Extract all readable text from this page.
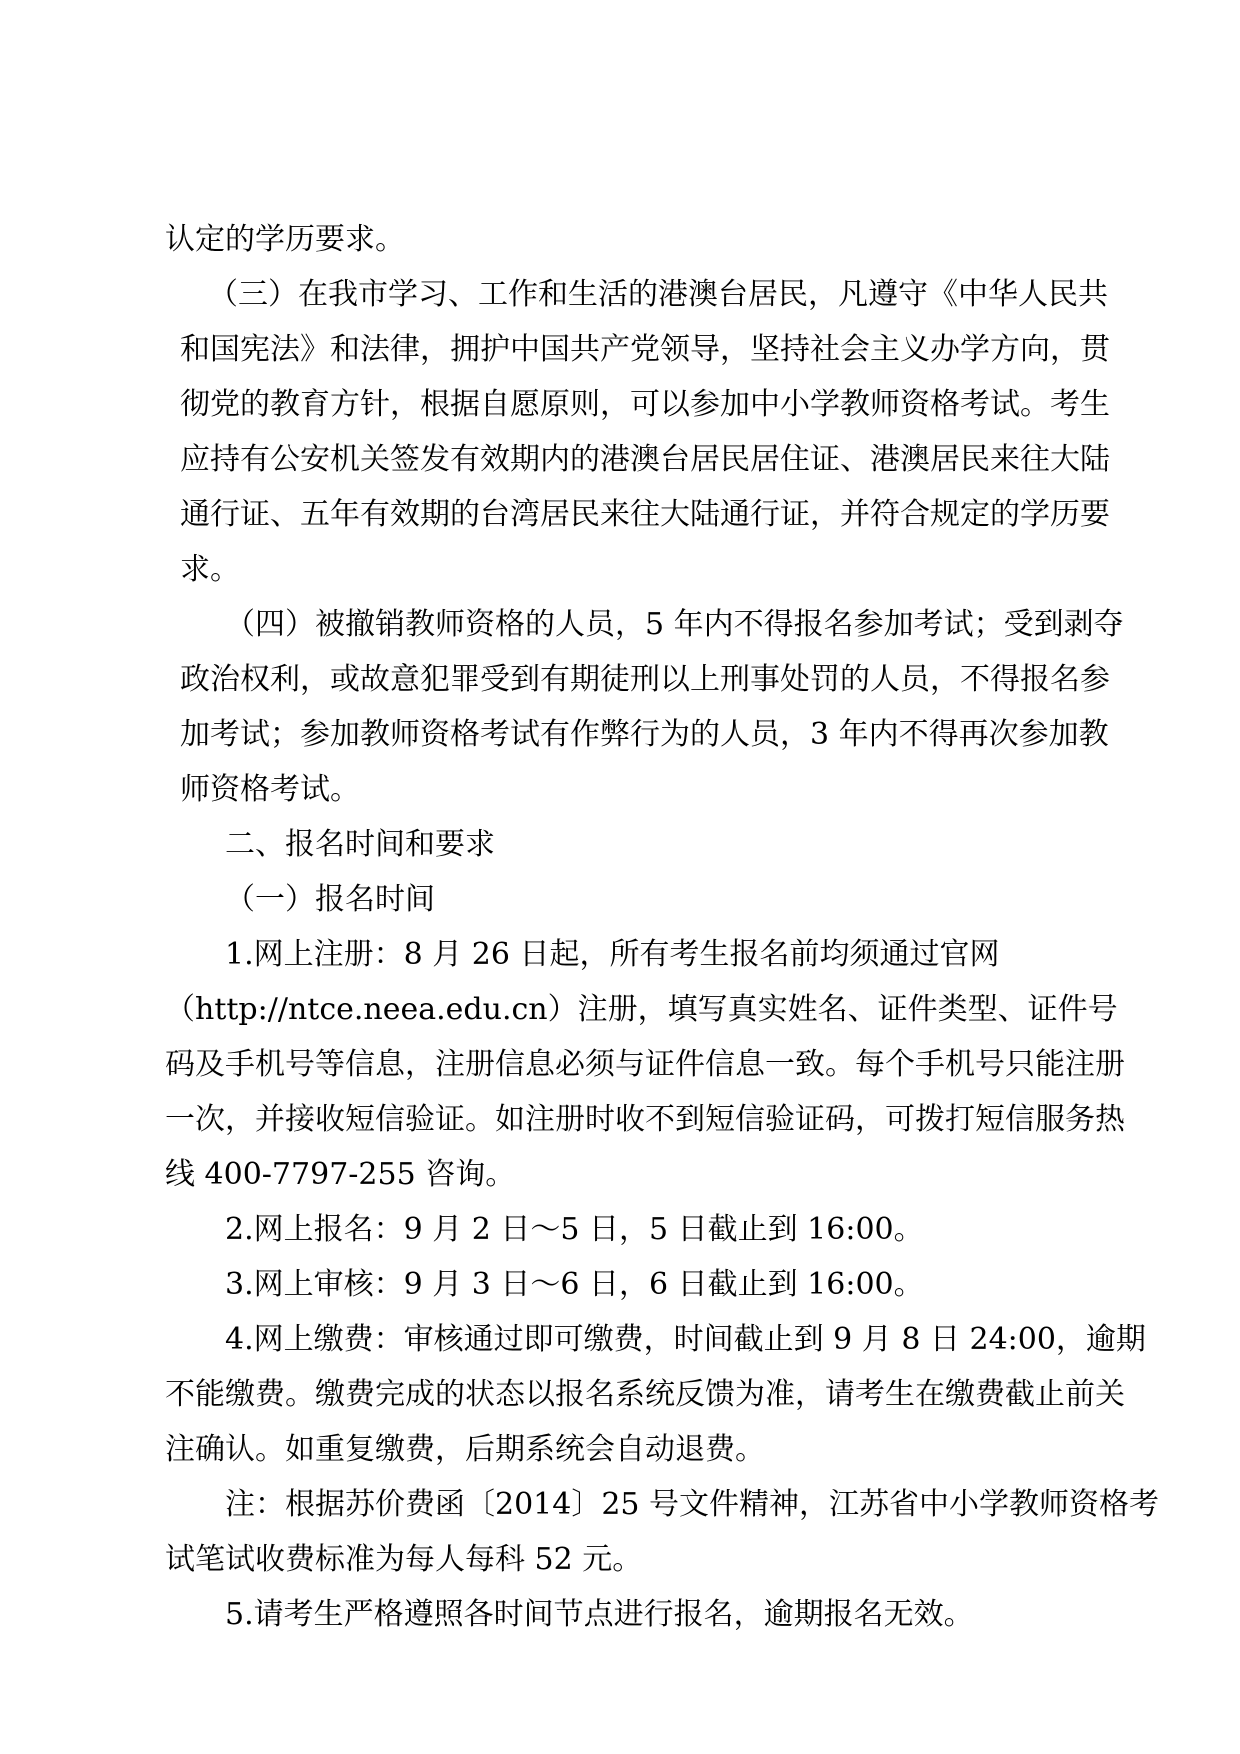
认定的学历要求。

（三）在我市学习、工作和生活的港澳台居民，凡遵守《中华人民共

和国宪法》和法律，拥护中国共产党领导，坚持社会主义办学方向，贯

彻党的教育方针，根据自愿原则，可以参加中小学教师资格考试。考生

应持有公安机关签发有效期内的港澳台居民居住证、港澳居民来往大陆

通行证、五年有效期的台湾居民来往大陆通行证，并符合规定的学历要

求。

（四）被撤销教师资格的人员，5 年内不得报名参加考试；受到剥夺

政治权利，或故意犯罪受到有期徒刑以上刑事处罚的人员，不得报名参

加考试；参加教师资格考试有作弊行为的人员，3 年内不得再次参加教

师资格考试。

二、报名时间和要求

（一）报名时间

1.网上注册：8 月 26 日起，所有考生报名前均须通过官网

（http://ntce.neea.edu.cn）注册，填写真实姓名、证件类型、证件号

码及手机号等信息，注册信息必须与证件信息一致。每个手机号只能注册

一次，并接收短信验证。如注册时收不到短信验证码，可拨打短信服务热

线 400-7797-255 咨询。

2.网上报名：9 月 2 日～5 日，5 日截止到 16:00。

3.网上审核：9 月 3 日～6 日，6 日截止到 16:00。

4.网上缴费：审核通过即可缴费，时间截止到 9 月 8 日 24:00，逾期

不能缴费。缴费完成的状态以报名系统反馈为准，请考生在缴费截止前关

注确认。如重复缴费，后期系统会自动退费。

注：根据苏价费函〔2014〕25 号文件精神，江苏省中小学教师资格考

试笔试收费标准为每人每科 52 元。

5.请考生严格遵照各时间节点进行报名，逾期报名无效。
